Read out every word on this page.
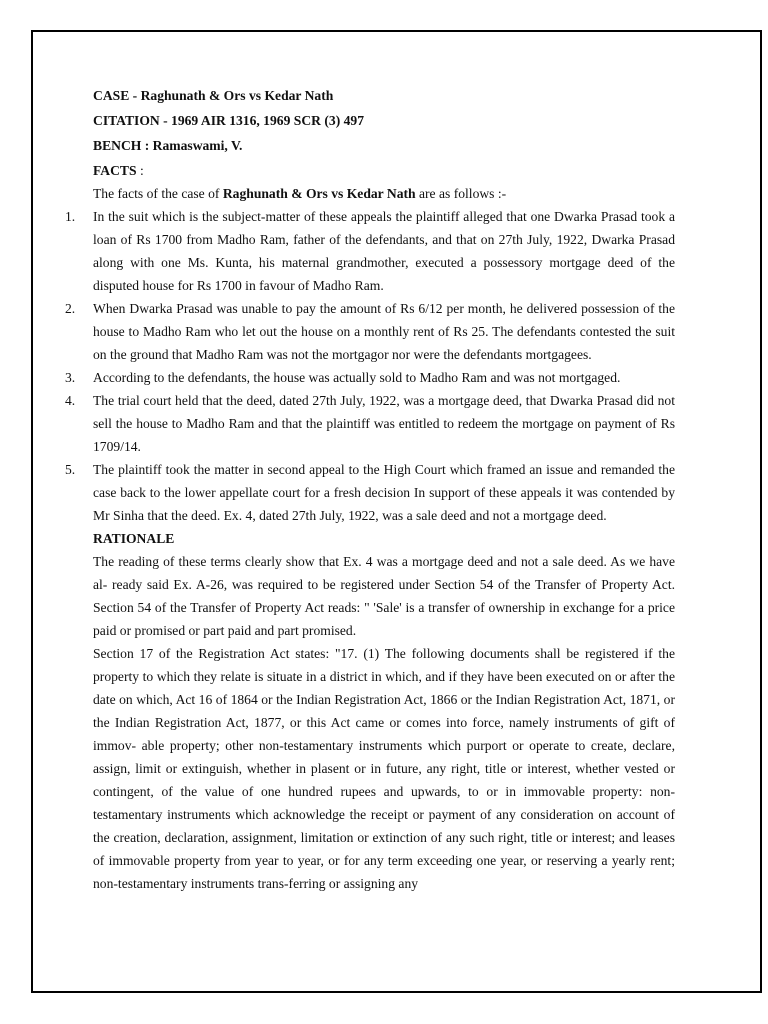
CASE - Raghunath & Ors vs Kedar Nath
CITATION - 1969 AIR 1316, 1969 SCR (3) 497
BENCH : Ramaswami, V.
FACTS :

The facts of the case of Raghunath & Ors vs Kedar Nath are as follows :-

1. In the suit which is the subject-matter of these appeals the plaintiff alleged that one Dwarka Prasad took a loan of Rs 1700 from Madho Ram, father of the defendants, and that on 27th July, 1922, Dwarka Prasad along with one Ms. Kunta, his maternal grandmother, executed a possessory mortgage deed of the disputed house for Rs 1700 in favour of Madho Ram.
2. When Dwarka Prasad was unable to pay the amount of Rs 6/12 per month, he delivered possession of the house to Madho Ram who let out the house on a monthly rent of Rs 25. The defendants contested the suit on the ground that Madho Ram was not the mortgagor nor were the defendants mortgagees.
3. According to the defendants, the house was actually sold to Madho Ram and was not mortgaged.
4. The trial court held that the deed, dated 27th July, 1922, was a mortgage deed, that Dwarka Prasad did not sell the house to Madho Ram and that the plaintiff was entitled to redeem the mortgage on payment of Rs 1709/14.
5. The plaintiff took the matter in second appeal to the High Court which framed an issue and remanded the case back to the lower appellate court for a fresh decision In support of these appeals it was contended by Mr Sinha that the deed. Ex. 4, dated 27th July, 1922, was a sale deed and not a mortgage deed.
RATIONALE

The reading of these terms clearly show that Ex. 4 was a mortgage deed and not a sale deed. As we have al- ready said Ex. A-26, was required to be registered under Section 54 of the Transfer of Property Act. Section 54 of the Transfer of Property Act reads: " 'Sale' is a transfer of ownership in exchange for a price paid or promised or part paid and part promised.

Section 17 of the Registration Act states: "17. (1) The following documents shall be registered if the property to which they relate is situate in a district in which, and if they have been executed on or after the date on which, Act 16 of 1864 or the Indian Registration Act, 1866 or the Indian Registration Act, 1871, or the Indian Registration Act, 1877, or this Act came or comes into force, namely instruments of gift of immov- able property; other non-testamentary instruments which purport or operate to create, declare, assign, limit or extinguish, whether in plasent or in future, any right, title or interest, whether vested or contingent, of the value of one hundred rupees and upwards, to or in immovable property: non-testamentary instruments which acknowledge the receipt or payment of any consideration on account of the creation, declaration, assignment, limitation or extinction of any such right, title or interest; and leases of immovable property from year to year, or for any term exceeding one year, or reserving a yearly rent; non-testamentary instruments trans-ferring or assigning any
